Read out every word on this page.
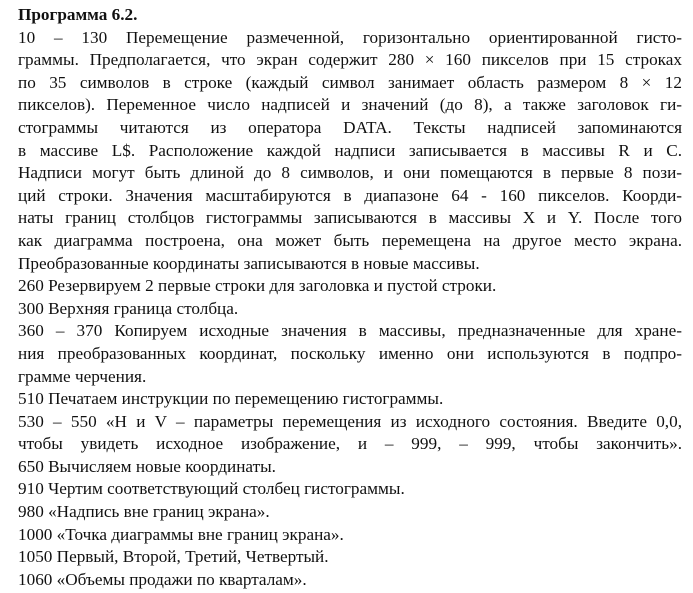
Программа 6.2.

10 – 130 Перемещение размеченной, горизонтально ориентированной гисто-
граммы. Предполагается, что экран содержит 280 × 160 пикселов при 15 строках
по 35 символов в строке (каждый символ занимает область размером 8 × 12
пикселов). Переменное число надписей и значений (до 8), а также заголовок ги-
стограммы читаются из оператора DATA. Тексты надписей запоминаются
в массиве L$. Расположение каждой надписи записывается в массивы R и C.
Надписи могут быть длиной до 8 символов, и они помещаются в первые 8 пози-
ций строки. Значения масштабируются в диапазоне 64 - 160 пикселов. Коорди-
наты границ столбцов гистограммы записываются в массивы X и Y. После того
как диаграмма построена, она может быть перемещена на другое место экрана.
Преобразованные координаты записываются в новые массивы.
260 Резервируем 2 первые строки для заголовка и пустой строки.
300 Верхняя граница столбца.
360 – 370 Копируем исходные значения в массивы, предназначенные для хране-
ния преобразованных координат, поскольку именно они используются в подпро-
грамме черчения.
510 Печатаем инструкции по перемещению гистограммы.
530 – 550 «H и V – параметры перемещения из исходного состояния. Введите 0,0,
чтобы увидеть исходное изображение, и – 999, – 999, чтобы закончить».
650 Вычисляем новые координаты.
910 Чертим соответствующий столбец гистограммы.
980 «Надпись вне границ экрана».
1000 «Точка диаграммы вне границ экрана».
1050 Первый, Второй, Третий, Четвертый.
1060 «Объемы продажи по кварталам».
